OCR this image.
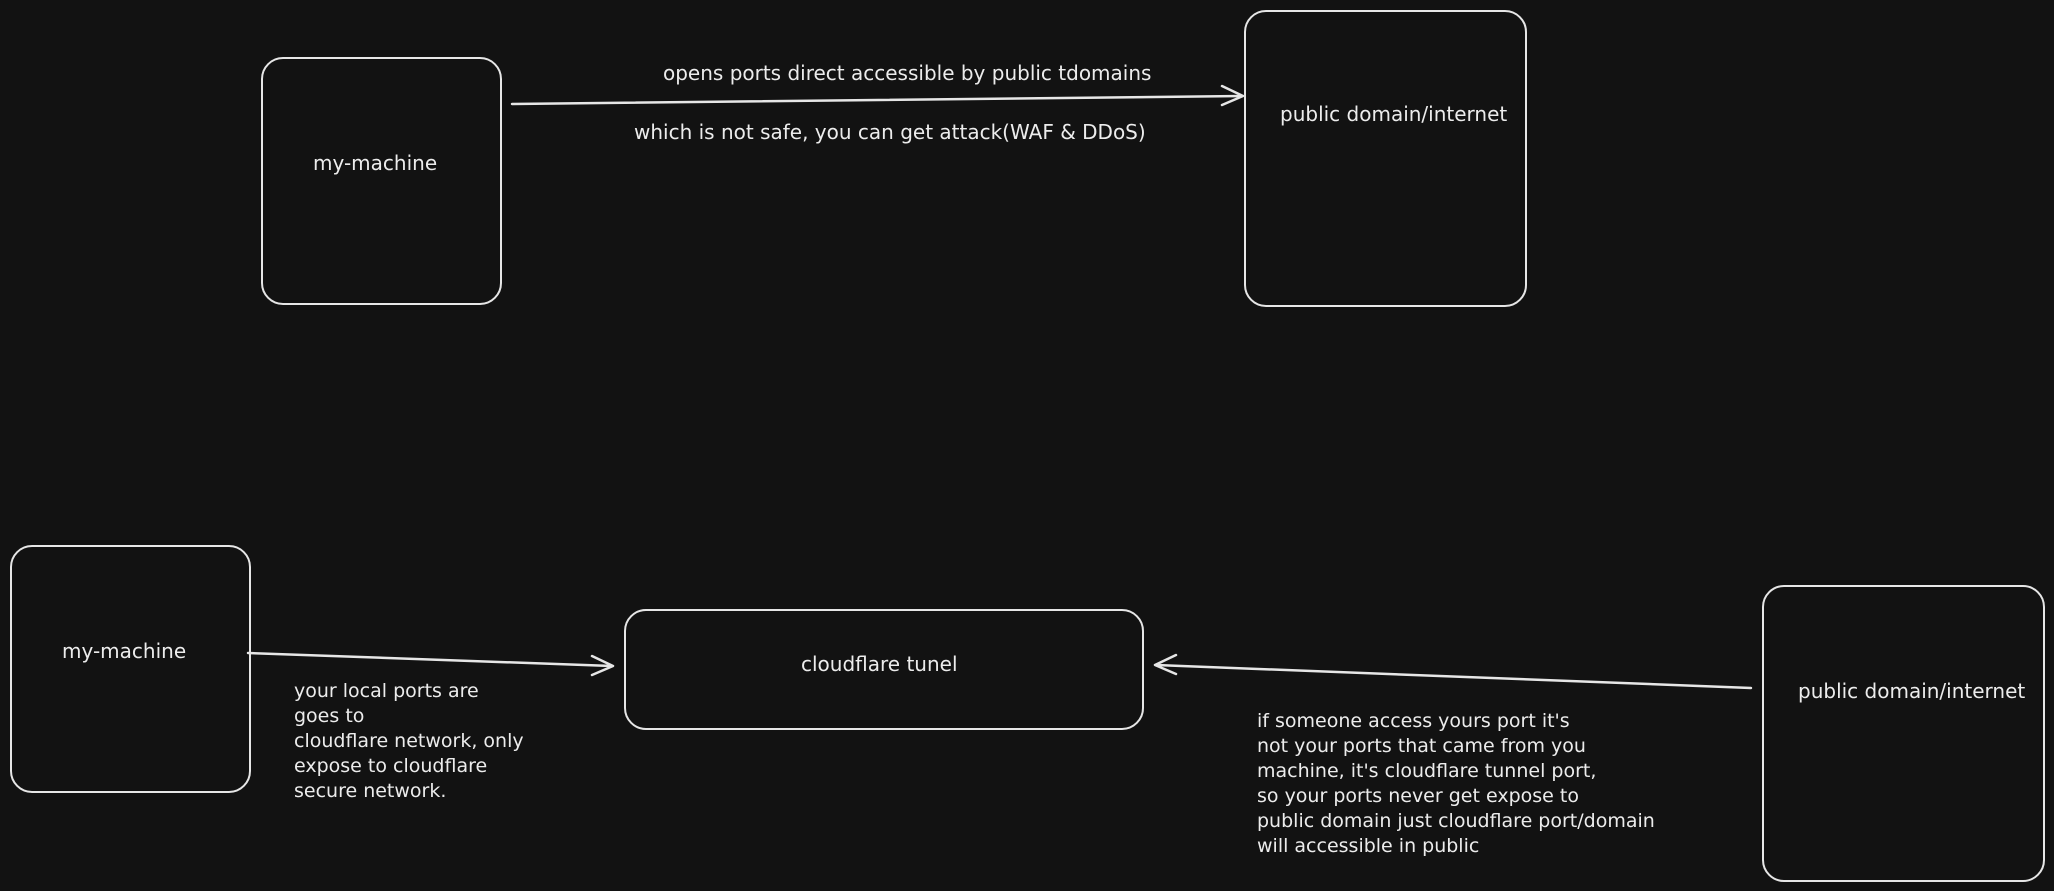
my-machine
public domain/internet
opens ports direct accessible by public tdomains
which is not safe, you can get attack(WAF & DDoS)
my-machine
cloudflare tunel
public domain/internet
your local ports are
goes to
cloudflare network, only
expose to cloudflare
secure network.
if someone access yours port it's
not your ports that came from you
machine, it's cloudflare tunnel port,
so your ports never get expose to
public domain just cloudflare port/domain
will accessible in public
